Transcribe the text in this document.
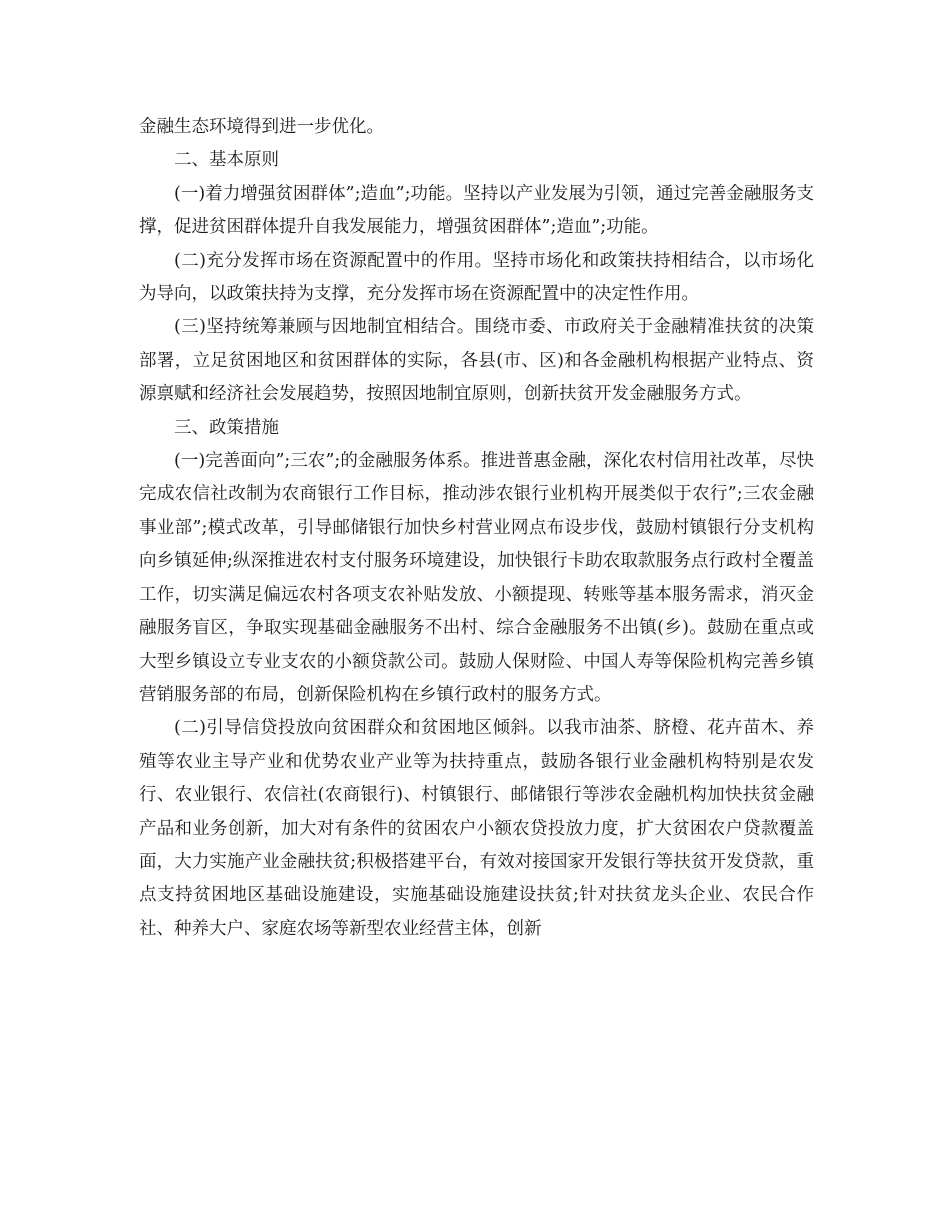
金融生态环境得到进一步优化。

二、基本原则

(一)着力增强贫困群体”;造血”;功能。坚持以产业发展为引领，通过完善金融服务支撑，促进贫困群体提升自我发展能力，增强贫困群体”;造血”;功能。

(二)充分发挥市场在资源配置中的作用。坚持市场化和政策扶持相结合，以市场化为导向，以政策扶持为支撑，充分发挥市场在资源配置中的决定性作用。

(三)坚持统筹兼顾与因地制宜相结合。围绕市委、市政府关于金融精准扶贫的决策部署，立足贫困地区和贫困群体的实际，各县(市、区)和各金融机构根据产业特点、资源禀赋和经济社会发展趋势，按照因地制宜原则，创新扶贫开发金融服务方式。

三、政策措施

(一)完善面向”;三农”;的金融服务体系。推进普惠金融，深化农村信用社改革，尽快完成农信社改制为农商银行工作目标，推动涉农银行业机构开展类似于农行”;三农金融事业部”;模式改革，引导邮储银行加快乡村营业网点布设步伐，鼓励村镇银行分支机构向乡镇延伸;纵深推进农村支付服务环境建设，加快银行卡助农取款服务点行政村全覆盖工作，切实满足偏远农村各项支农补贴发放、小额提现、转账等基本服务需求，消灭金融服务盲区，争取实现基础金融服务不出村、综合金融服务不出镇(乡)。鼓励在重点或大型乡镇设立专业支农的小额贷款公司。鼓励人保财险、中国人寿等保险机构完善乡镇营销服务部的布局，创新保险机构在乡镇行政村的服务方式。

(二)引导信贷投放向贫困群众和贫困地区倾斜。以我市油茶、脐橙、花卉苗木、养殖等农业主导产业和优势农业产业等为扶持重点，鼓励各银行业金融机构特别是农发行、农业银行、农信社(农商银行)、村镇银行、邮储银行等涉农金融机构加快扶贫金融产品和业务创新，加大对有条件的贫困农户小额农贷投放力度，扩大贫困农户贷款覆盖面，大力实施产业金融扶贫;积极搭建平台，有效对接国家开发银行等扶贫开发贷款，重点支持贫困地区基础设施建设，实施基础设施建设扶贫;针对扶贫龙头企业、农民合作社、种养大户、家庭农场等新型农业经营主体，创新
